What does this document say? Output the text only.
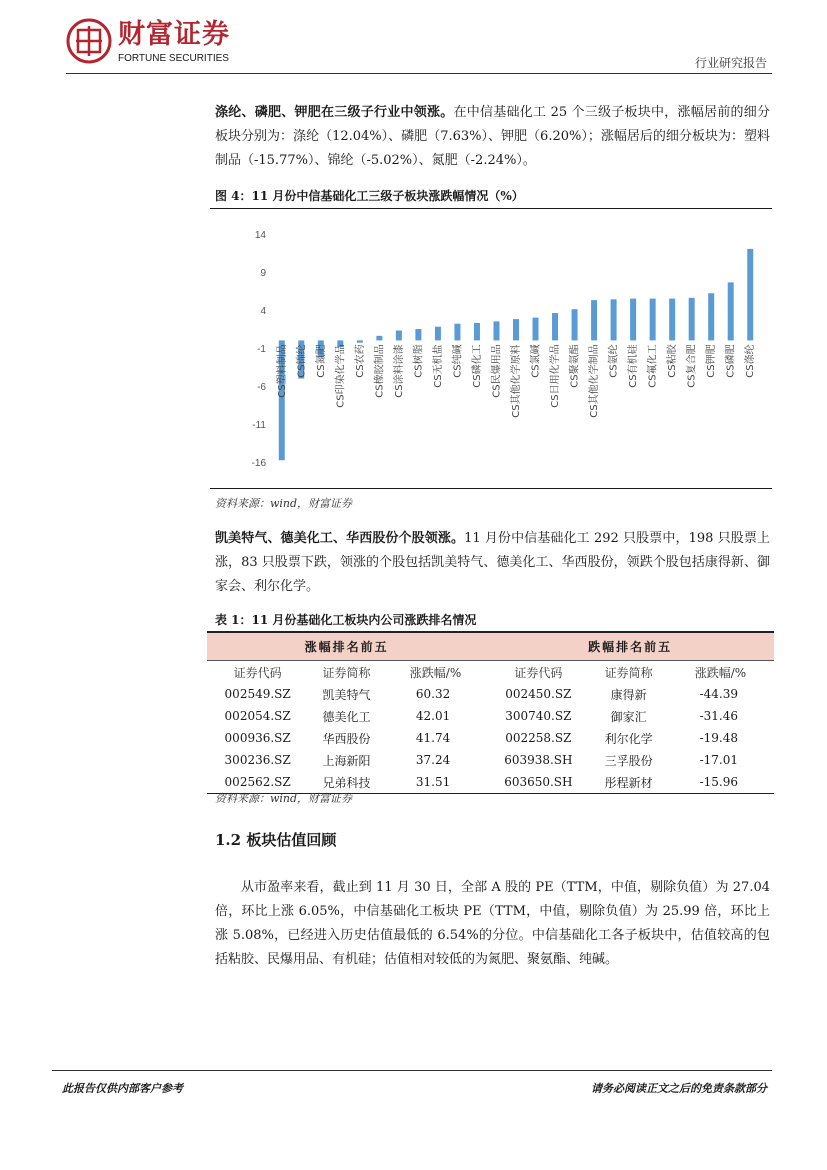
财富证券
FORTUNE SECURITIES	行业研究报告
涤纶、磷肥、钾肥在三级子行业中领涨。在中信基础化工 25 个三级子板块中，涨幅居前的细分板块分别为：涤纶（12.04%）、磷肥（7.63%）、钾肥（6.20%）；涨幅居后的细分板块为：塑料制品（-15.77%）、锦纶（-5.02%）、氮肥（-2.24%）。
图 4：11 月份中信基础化工三级子板块涨跌幅情况（%）
14
9
4
-1
-6
-11
-16
CS塑料制品 CS锦纶 CS氮肥 CS印染化学品 CS农药 CS橡胶制品 CS涂料涂漆 CS树脂 CS无机盐 CS纯碱 CS磷化工 CS民爆用品 CS其他化学原料 CS氯碱 CS日用化学品 CS聚氨酯 CS其他化学制品 CS氨纶 CS有机硅 CS氟化工 CS粘胶 CS复合肥 CS钾肥 CS磷肥 CS涤纶
资料来源：wind，财富证券
凯美特气、德美化工、华西股份个股领涨。11 月份中信基础化工 292 只股票中，198 只股票上涨，83 只股票下跌，领涨的个股包括凯美特气、德美化工、华西股份，领跌个股包括康得新、御家会、利尔化学。
表 1：11 月份基础化工板块内公司涨跌排名情况
涨幅排名前五			跌幅排名前五		
证券代码	证券简称	涨跌幅/%	证券代码	证券简称	涨跌幅/%
002549.SZ	凯美特气	60.32	002450.SZ	康得新	-44.39
002054.SZ	德美化工	42.01	300740.SZ	御家汇	-31.46
000936.SZ	华西股份	41.74	002258.SZ	利尔化学	-19.48
300236.SZ	上海新阳	37.24	603938.SH	三孚股份	-17.01
002562.SZ	兄弟科技	31.51	603650.SH	彤程新材	-15.96
资料来源：wind，财富证券
1.2 板块估值回顾
从市盈率来看，截止到 11 月 30 日，全部 A 股的 PE（TTM，中值，剔除负值）为 27.04 倍，环比上涨 6.05%，中信基础化工板块 PE（TTM，中值，剔除负值）为 25.99 倍，环比上涨 5.08%，已经进入历史估值最低的 6.54%的分位。中信基础化工各子板块中，估值较高的包括粘胶、民爆用品、有机硅；估值相对较低的为氮肥、聚氨酯、纯碱。
此报告仅供内部客户参考	请务必阅读正文之后的免责条款部分
